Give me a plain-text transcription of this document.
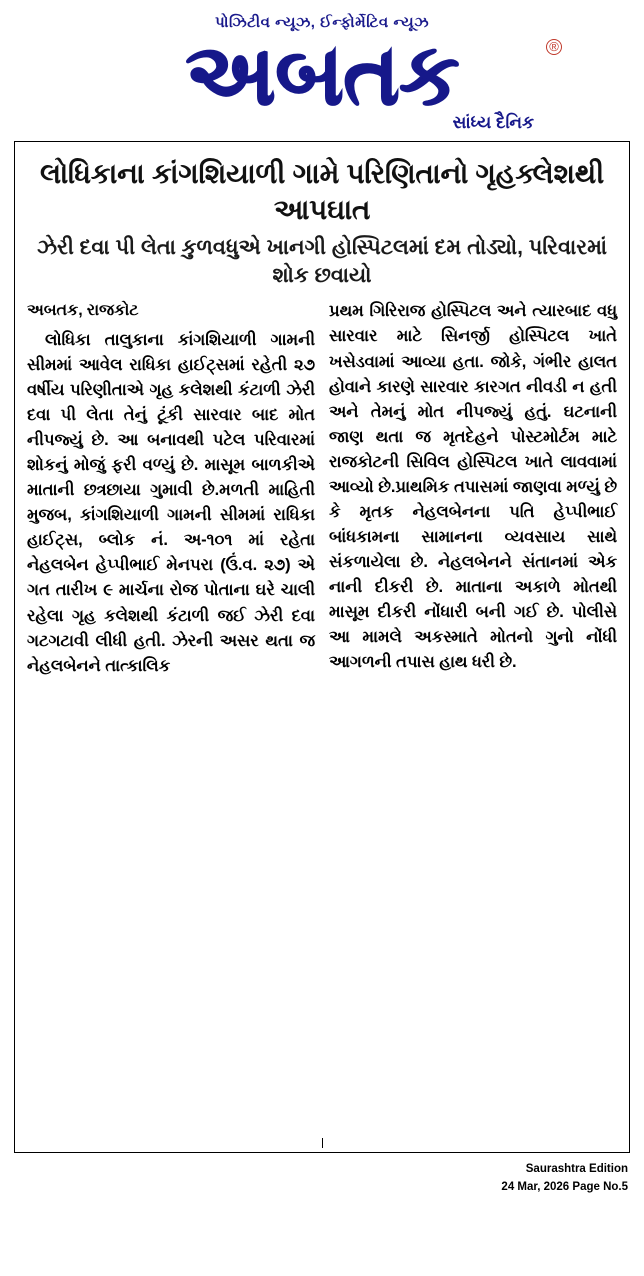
પોઝિટીવ ન્યૂઝ, ઈન્ફોર્મેટિવ ન્યૂઝ
અબતક	®
સાંધ્ય દૈનિક
લોધિકાના કાંગશિયાળી ગામે પરિણિતાનો ગૃહક્લેશથી આપઘાત
ઝેરી દવા પી લેતા કુળવધુએ ખાનગી હોસ્પિટલમાં દમ તોડ્યો, પરિવારમાં શોક છવાયો
અબતક, રાજકોટ

લોધિકા તાલુકાના કાંગશિયાળી ગામની સીમમાં આવેલ રાધિકા હાઈટ્સમાં રહેતી ૨૭ વર્ષીય પરિણીતાએ ગૃહ કલેશથી કંટાળી ઝેરી દવા પી લેતા તેનું ટૂંકી સારવાર બાદ મોત નીપજ્યું છે. આ બનાવથી પટેલ પરિવારમાં શોકનું મોજું ફરી વળ્યું છે. માસૂમ બાળકીએ માતાની છત્રછાયા ગુમાવી છે.મળતી માહિતી મુજબ, કાંગશિયાળી ગામની સીમમાં રાધિકા હાઈટ્સ, બ્લોક નં. અ-૧૦૧ માં રહેતા નેહલબેન હેપ્પીભાઈ મેનપરા (ઉં.વ. ૨૭) એ ગત તારીખ ૯ માર્ચના રોજ પોતાના ઘરે ચાલી રહેલા ગૃહ કલેશથી કંટાળી જઈ ઝેરી દવા ગટગટાવી લીધી હતી. ઝેરની અસર થતા જ નેહલબેનને તાત્કાલિક

પ્રથમ ગિરિરાજ હોસ્પિટલ અને ત્યારબાદ વધુ સારવાર માટે સિનર્જી હોસ્પિટલ ખાતે ખસેડવામાં આવ્યા હતા. જોકે, ગંભીર હાલત હોવાને કારણે સારવાર કારગત નીવડી ન હતી અને તેમનું મોત નીપજ્યું હતું. ઘટનાની જાણ થતા જ મૃતદેહને પોસ્ટમોર્ટમ માટે રાજકોટની સિવિલ હોસ્પિટલ ખાતે લાવવામાં આવ્યો છે.પ્રાથમિક તપાસમાં જાણવા મળ્યું છે કે મૃતક નેહલબેનના પતિ હેપ્પીભાઈ બાંધકામના સામાનના વ્યવસાય સાથે સંકળાયેલા છે. નેહલબેનને સંતાનમાં એક નાની દીકરી છે. માતાના અકાળે મોતથી માસૂમ દીકરી નોંધારી બની ગઈ છે. પોલીસે આ મામલે અકસ્માતે મોતનો ગુનો નોંધી આગળની તપાસ હાથ ધરી છે.

Saurashtra Edition
24 Mar, 2026 Page No.5
